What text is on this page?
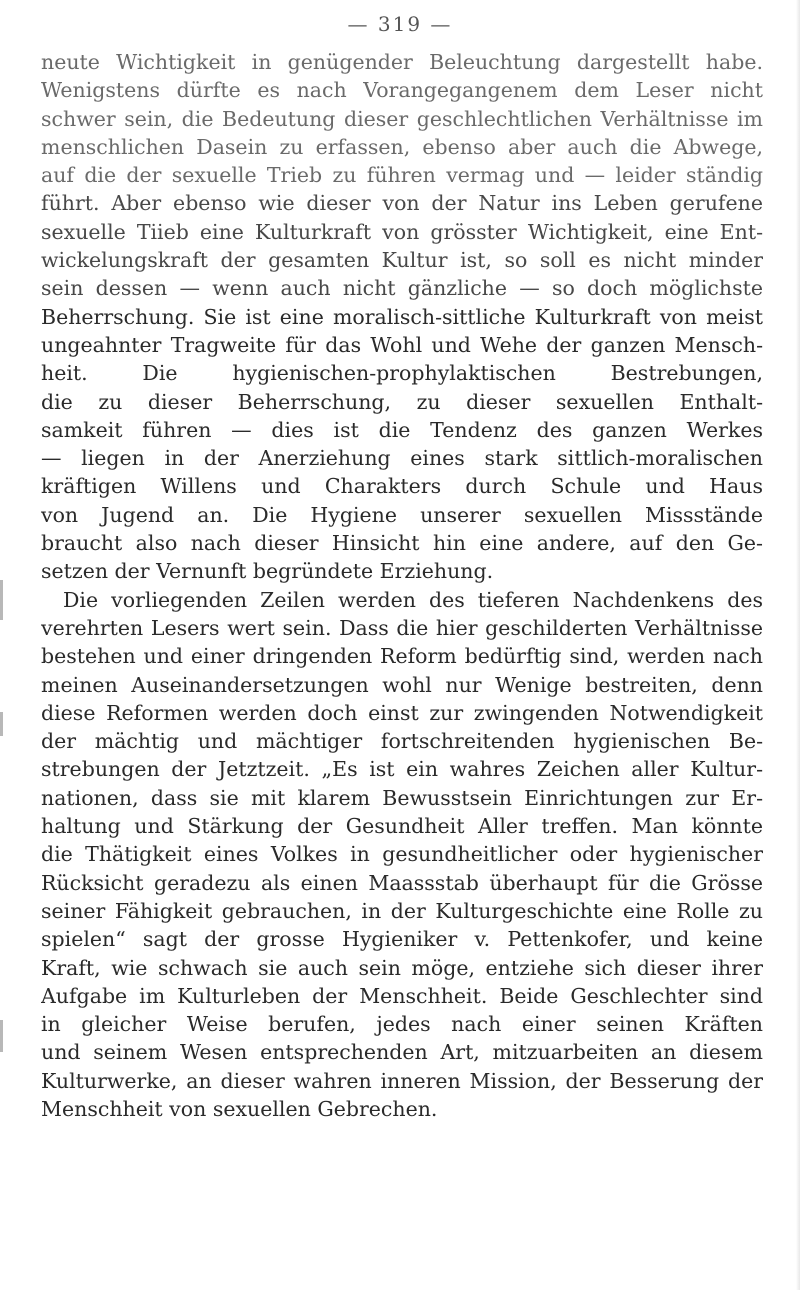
— 319 —
neute Wichtigkeit in genügender Beleuchtung dargestellt habe.
Wenigstens dürfte es nach Vorangegangenem dem Leser nicht
schwer sein, die Bedeutung dieser geschlechtlichen Verhältnisse im
menschlichen Dasein zu erfassen, ebenso aber auch die Abwege,
auf die der sexuelle Trieb zu führen vermag und — leider ständig
führt. Aber ebenso wie dieser von der Natur ins Leben gerufene
sexuelle Tiieb eine Kulturkraft von grösster Wichtigkeit, eine Ent-
wickelungskraft der gesamten Kultur ist, so soll es nicht minder
sein dessen — wenn auch nicht gänzliche — so doch möglichste
Beherrschung. Sie ist eine moralisch-sittliche Kulturkraft von meist
ungeahnter Tragweite für das Wohl und Wehe der ganzen Mensch-
heit. Die hygienischen-prophylaktischen Bestrebungen,
die zu dieser Beherrschung, zu dieser sexuellen Enthalt-
samkeit führen — dies ist die Tendenz des ganzen Werkes
— liegen in der Anerziehung eines stark sittlich-moralischen
kräftigen Willens und Charakters durch Schule und Haus
von Jugend an. Die Hygiene unserer sexuellen Missstände
braucht also nach dieser Hinsicht hin eine andere, auf den Ge-
setzen der Vernunft begründete Erziehung.
Die vorliegenden Zeilen werden des tieferen Nachdenkens des
verehrten Lesers wert sein. Dass die hier geschilderten Verhältnisse
bestehen und einer dringenden Reform bedürftig sind, werden nach
meinen Auseinandersetzungen wohl nur Wenige bestreiten, denn
diese Reformen werden doch einst zur zwingenden Notwendigkeit
der mächtig und mächtiger fortschreitenden hygienischen Be-
strebungen der Jetztzeit. „Es ist ein wahres Zeichen aller Kultur-
nationen, dass sie mit klarem Bewusstsein Einrichtungen zur Er-
haltung und Stärkung der Gesundheit Aller treffen. Man könnte
die Thätigkeit eines Volkes in gesundheitlicher oder hygienischer
Rücksicht geradezu als einen Maassstab überhaupt für die Grösse
seiner Fähigkeit gebrauchen, in der Kulturgeschichte eine Rolle zu
spielen“ sagt der grosse Hygieniker v. Pettenkofer, und keine
Kraft, wie schwach sie auch sein möge, entziehe sich dieser ihrer
Aufgabe im Kulturleben der Menschheit. Beide Geschlechter sind
in gleicher Weise berufen, jedes nach einer seinen Kräften
und seinem Wesen entsprechenden Art, mitzuarbeiten an diesem
Kulturwerke, an dieser wahren inneren Mission, der Besserung der
Menschheit von sexuellen Gebrechen.
